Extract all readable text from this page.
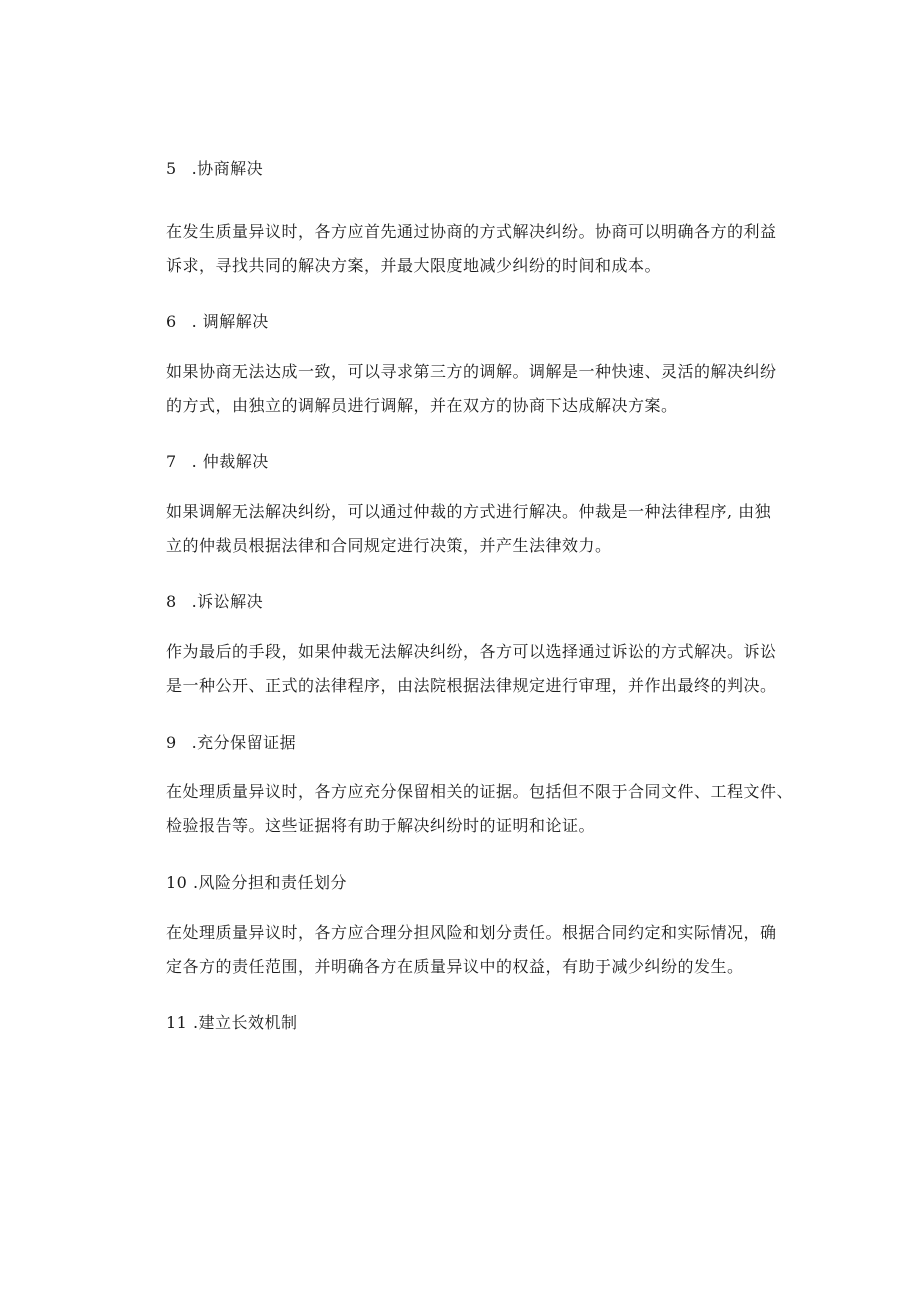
5 .协商解决
在发生质量异议时，各方应首先通过协商的方式解决纠纷。协商可以明确各方的利益
诉求，寻找共同的解决方案，并最大限度地减少纠纷的时间和成本。
6 . 调解解决
如果协商无法达成一致，可以寻求第三方的调解。调解是一种快速、灵活的解决纠纷
的方式，由独立的调解员进行调解，并在双方的协商下达成解决方案。
7 . 仲裁解决
如果调解无法解决纠纷，可以通过仲裁的方式进行解决。仲裁是一种法律程序, 由独
立的仲裁员根据法律和合同规定进行决策，并产生法律效力。
8 .诉讼解决
作为最后的手段，如果仲裁无法解决纠纷，各方可以选择通过诉讼的方式解决。诉讼
是一种公开、正式的法律程序，由法院根据法律规定进行审理，并作出最终的判决。
9 .充分保留证据
在处理质量异议时，各方应充分保留相关的证据。包括但不限于合同文件、工程文件、
检验报告等。这些证据将有助于解决纠纷时的证明和论证。
10 .风险分担和责任划分
在处理质量异议时，各方应合理分担风险和划分责任。根据合同约定和实际情况，确
定各方的责任范围，并明确各方在质量异议中的权益，有助于减少纠纷的发生。
11 .建立长效机制
